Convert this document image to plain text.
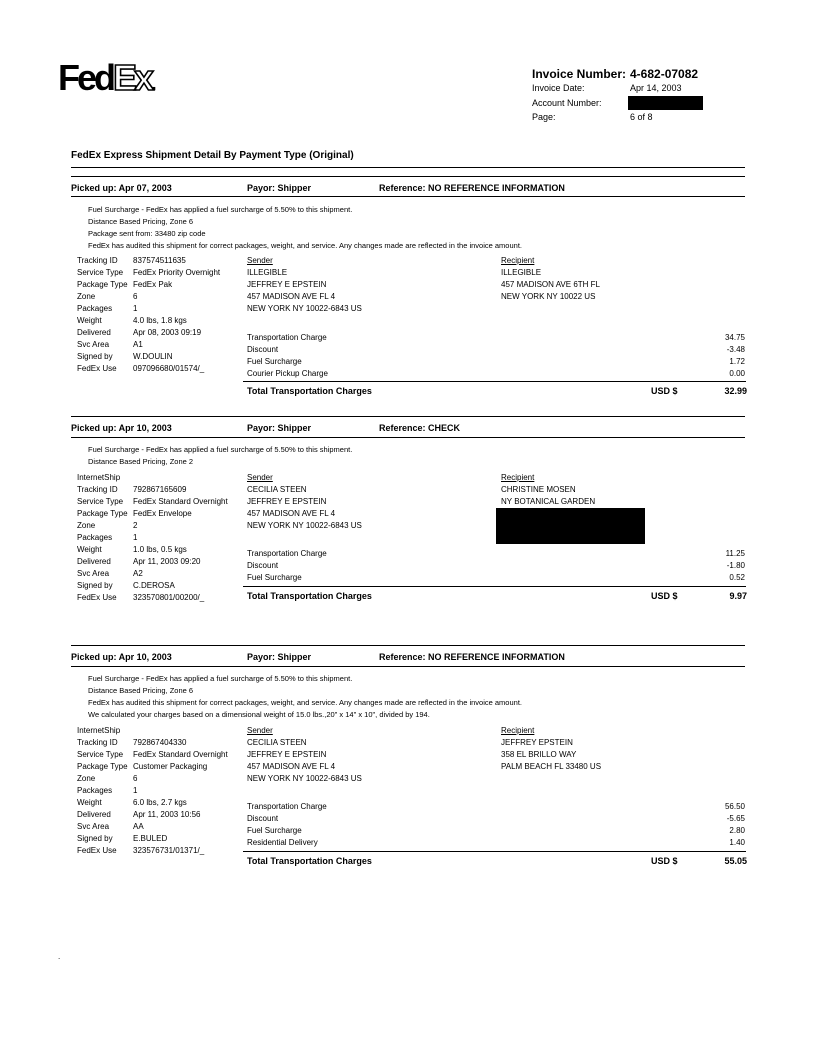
FedEx.	Invoice Number: 4-682-07082
Invoice Date:	Apr 14, 2003
Account Number:
Page:	6 of 8
FedEx Express Shipment Detail By Payment Type (Original)
Picked up: Apr 07, 2003	Payor: Shipper	Reference: NO REFERENCE INFORMATION
Fuel Surcharge - FedEx has applied a fuel surcharge of 5.50% to this shipment.
Distance Based Pricing, Zone 6
Package sent from: 33480 zip code
FedEx has audited this shipment for correct packages, weight, and service. Any changes made are reflected in the invoice amount.
Tracking ID 837574511635
Service Type FedEx Priority Overnight
Package Type FedEx Pak
Zone	6
Packages	1
Weight	4.0 lbs, 1.8 kgs
Delivered	Apr 08, 2003 09:19
Svc Area	A1
Signed by	W.DOULIN
FedEx Use 097096680/01574/_
Sender
ILLEGIBLE
JEFFREY E EPSTEIN
457 MADISON AVE FL 4
NEW YORK NY 10022-6843 US
Recipient
ILLEGIBLE
457 MADISON AVE 6TH FL
NEW YORK NY 10022 US
Transportation Charge	34.75
Discount	-3.48
Fuel Surcharge	1.72
Courier Pickup Charge	0.00
Total Transportation Charges	USD $	32.99
Picked up: Apr 10, 2003	Payor: Shipper	Reference: CHECK
Fuel Surcharge - FedEx has applied a fuel surcharge of 5.50% to this shipment.
Distance Based Pricing, Zone 2
InternetShip
Tracking ID 792867165609
Service Type FedEx Standard Overnight
Package Type FedEx Envelope
Zone	2
Packages	1
Weight	1.0 lbs, 0.5 kgs
Delivered	Apr 11, 2003 09:20
Svc Area	A2
Signed by	C.DEROSA
FedEx Use 323570801/00200/_
Sender
CECILIA STEEN
JEFFREY E EPSTEIN
457 MADISON AVE FL 4
NEW YORK NY 10022-6843 US
Recipient
CHRISTINE MOSEN
NY BOTANICAL GARDEN
Transportation Charge	11.25
Discount	-1.80
Fuel Surcharge	0.52
Total Transportation Charges	USD $	9.97
Picked up: Apr 10, 2003	Payor: Shipper	Reference: NO REFERENCE INFORMATION
Fuel Surcharge - FedEx has applied a fuel surcharge of 5.50% to this shipment.
Distance Based Pricing, Zone 6
FedEx has audited this shipment for correct packages, weight, and service. Any changes made are reflected in the invoice amount.
We calculated your charges based on a dimensional weight of 15.0 lbs.,20" x 14" x 10", divided by 194.
InternetShip
Tracking ID 792867404330
Service Type FedEx Standard Overnight
Package Type Customer Packaging
Zone	6
Packages	1
Weight	6.0 lbs, 2.7 kgs
Delivered	Apr 11, 2003 10:56
Svc Area	AA
Signed by	E.BULED
FedEx Use 323576731/01371/_
Sender
CECILIA STEEN
JEFFREY E EPSTEIN
457 MADISON AVE FL 4
NEW YORK NY 10022-6843 US
Recipient
JEFFREY EPSTEIN
358 EL BRILLO WAY
PALM BEACH FL 33480 US
Transportation Charge	56.50
Discount	-5.65
Fuel Surcharge	2.80
Residential Delivery	1.40
Total Transportation Charges	USD $	55.05
.
